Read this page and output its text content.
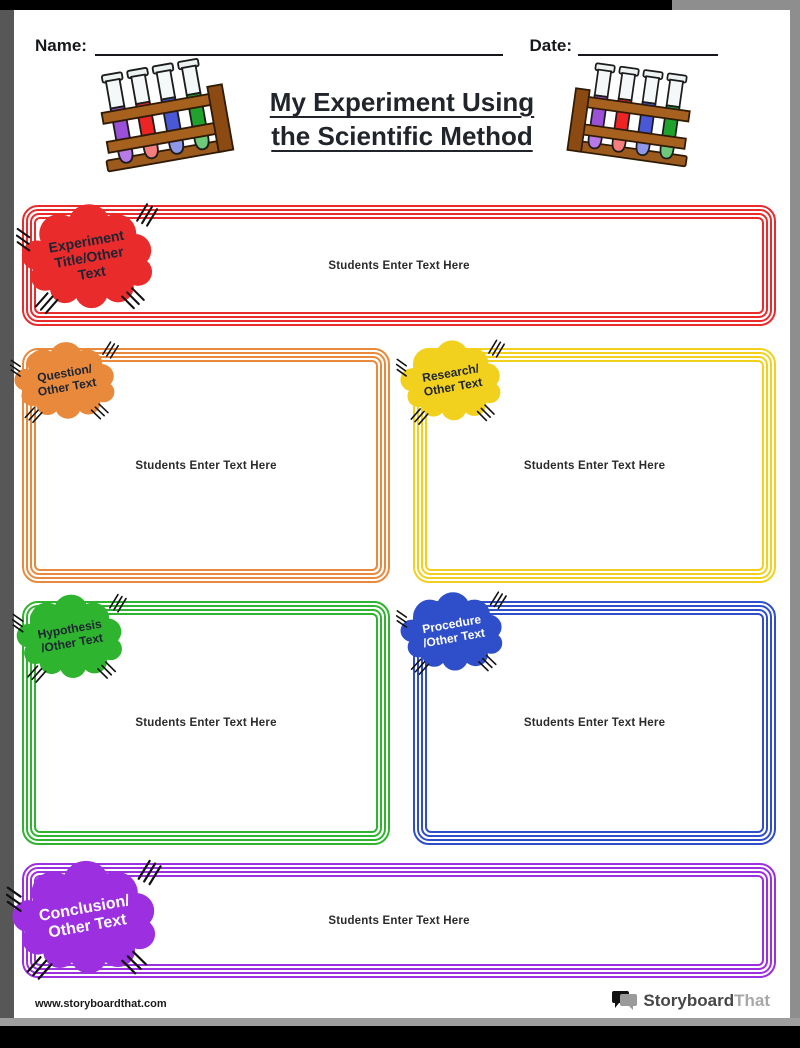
Name:	Date:
My Experiment Using
the Scientific Method
Students Enter Text Here
Students Enter Text Here	Students Enter Text Here
Students Enter Text Here	Students Enter Text Here
Students Enter Text Here
Experiment Title/Other Text
Question/ Other Text
Research/ Other Text
Hypothesis /Other Text
Procedure /Other Text
Conclusion/ Other Text
www.storyboardthat.com	StoryboardThat
